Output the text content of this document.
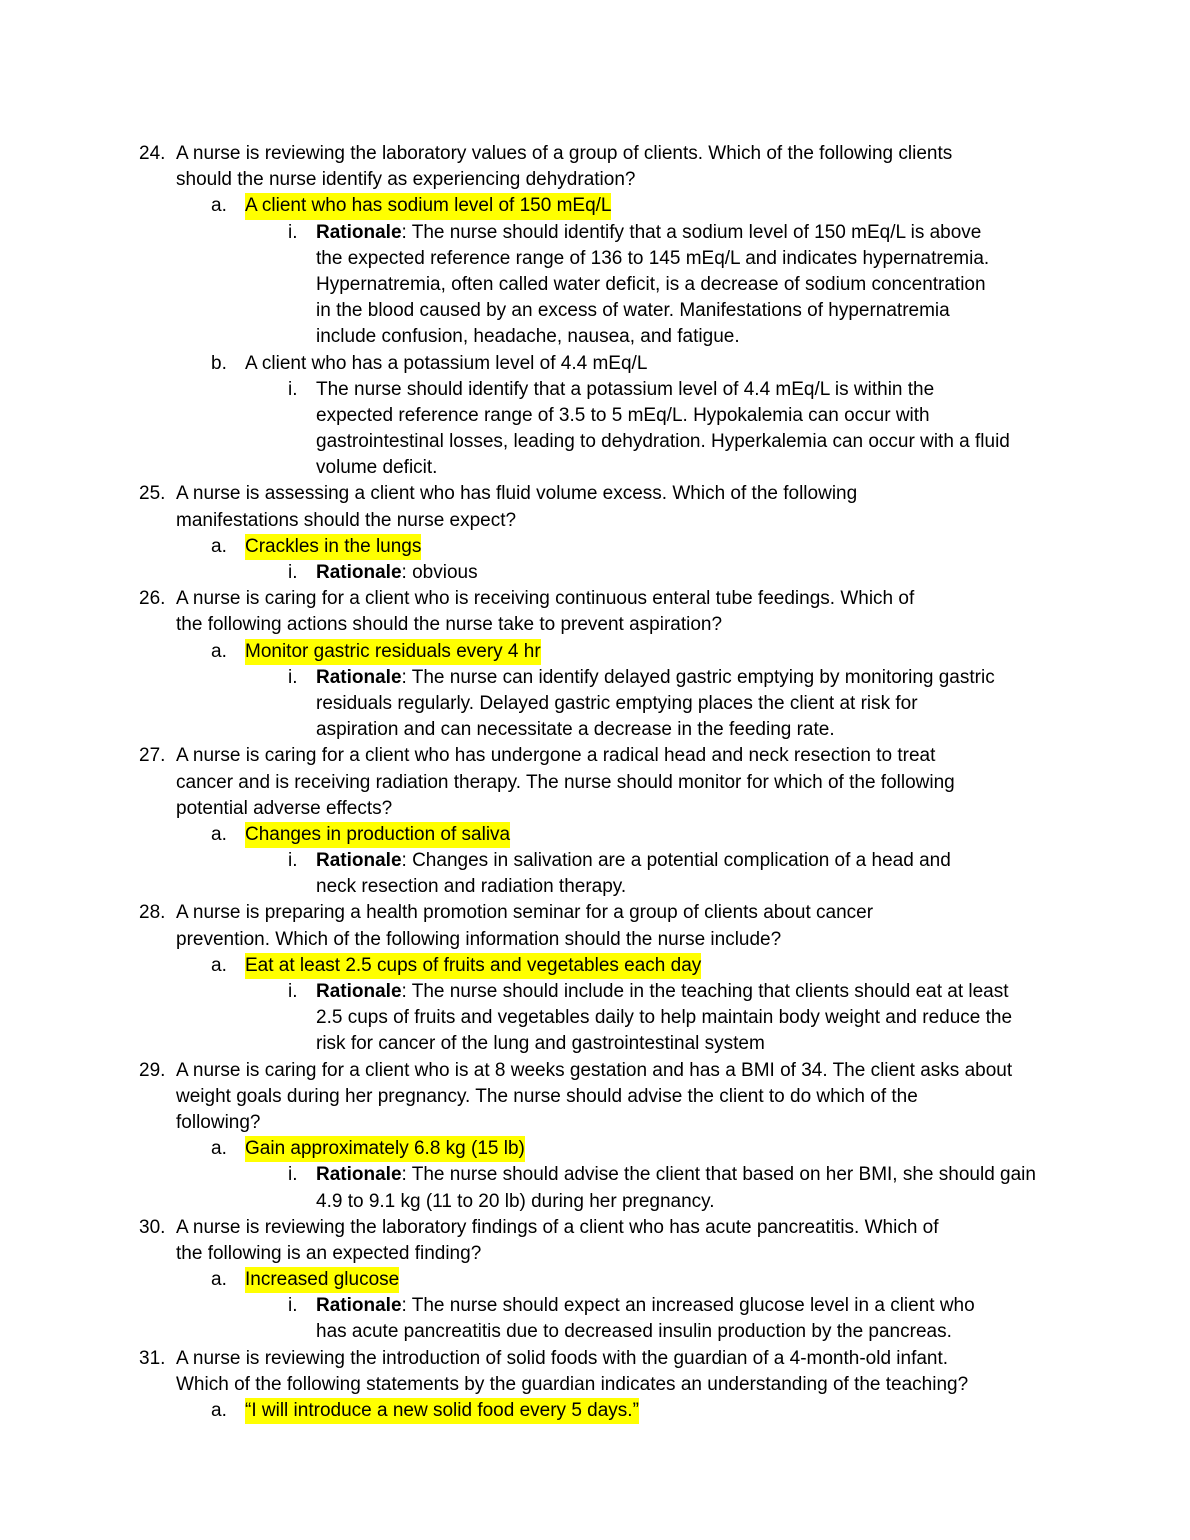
24. A nurse is reviewing the laboratory values of a group of clients. Which of the following clients
should the nurse identify as experiencing dehydration?
a. A client who has sodium level of 150 mEq/L
i. Rationale: The nurse should identify that a sodium level of 150 mEq/L is above
the expected reference range of 136 to 145 mEq/L and indicates hypernatremia.
Hypernatremia, often called water deficit, is a decrease of sodium concentration
in the blood caused by an excess of water. Manifestations of hypernatremia
include confusion, headache, nausea, and fatigue.
b. A client who has a potassium level of 4.4 mEq/L
i. The nurse should identify that a potassium level of 4.4 mEq/L is within the
expected reference range of 3.5 to 5 mEq/L. Hypokalemia can occur with
gastrointestinal losses, leading to dehydration. Hyperkalemia can occur with a fluid
volume deficit.
25. A nurse is assessing a client who has fluid volume excess. Which of the following
manifestations should the nurse expect?
a. Crackles in the lungs
i. Rationale: obvious
26. A nurse is caring for a client who is receiving continuous enteral tube feedings. Which of
the following actions should the nurse take to prevent aspiration?
a. Monitor gastric residuals every 4 hr
i. Rationale: The nurse can identify delayed gastric emptying by monitoring gastric
residuals regularly. Delayed gastric emptying places the client at risk for
aspiration and can necessitate a decrease in the feeding rate.
27. A nurse is caring for a client who has undergone a radical head and neck resection to treat
cancer and is receiving radiation therapy. The nurse should monitor for which of the following
potential adverse effects?
a. Changes in production of saliva
i. Rationale: Changes in salivation are a potential complication of a head and
neck resection and radiation therapy.
28. A nurse is preparing a health promotion seminar for a group of clients about cancer
prevention. Which of the following information should the nurse include?
a. Eat at least 2.5 cups of fruits and vegetables each day
i. Rationale: The nurse should include in the teaching that clients should eat at least
2.5 cups of fruits and vegetables daily to help maintain body weight and reduce the
risk for cancer of the lung and gastrointestinal system
29. A nurse is caring for a client who is at 8 weeks gestation and has a BMI of 34. The client asks about
weight goals during her pregnancy. The nurse should advise the client to do which of the
following?
a. Gain approximately 6.8 kg (15 lb)
i. Rationale: The nurse should advise the client that based on her BMI, she should gain
4.9 to 9.1 kg (11 to 20 lb) during her pregnancy.
30. A nurse is reviewing the laboratory findings of a client who has acute pancreatitis. Which of
the following is an expected finding?
a. Increased glucose
i. Rationale: The nurse should expect an increased glucose level in a client who
has acute pancreatitis due to decreased insulin production by the pancreas.
31. A nurse is reviewing the introduction of solid foods with the guardian of a 4-month-old infant.
Which of the following statements by the guardian indicates an understanding of the teaching?
a. “I will introduce a new solid food every 5 days.”
